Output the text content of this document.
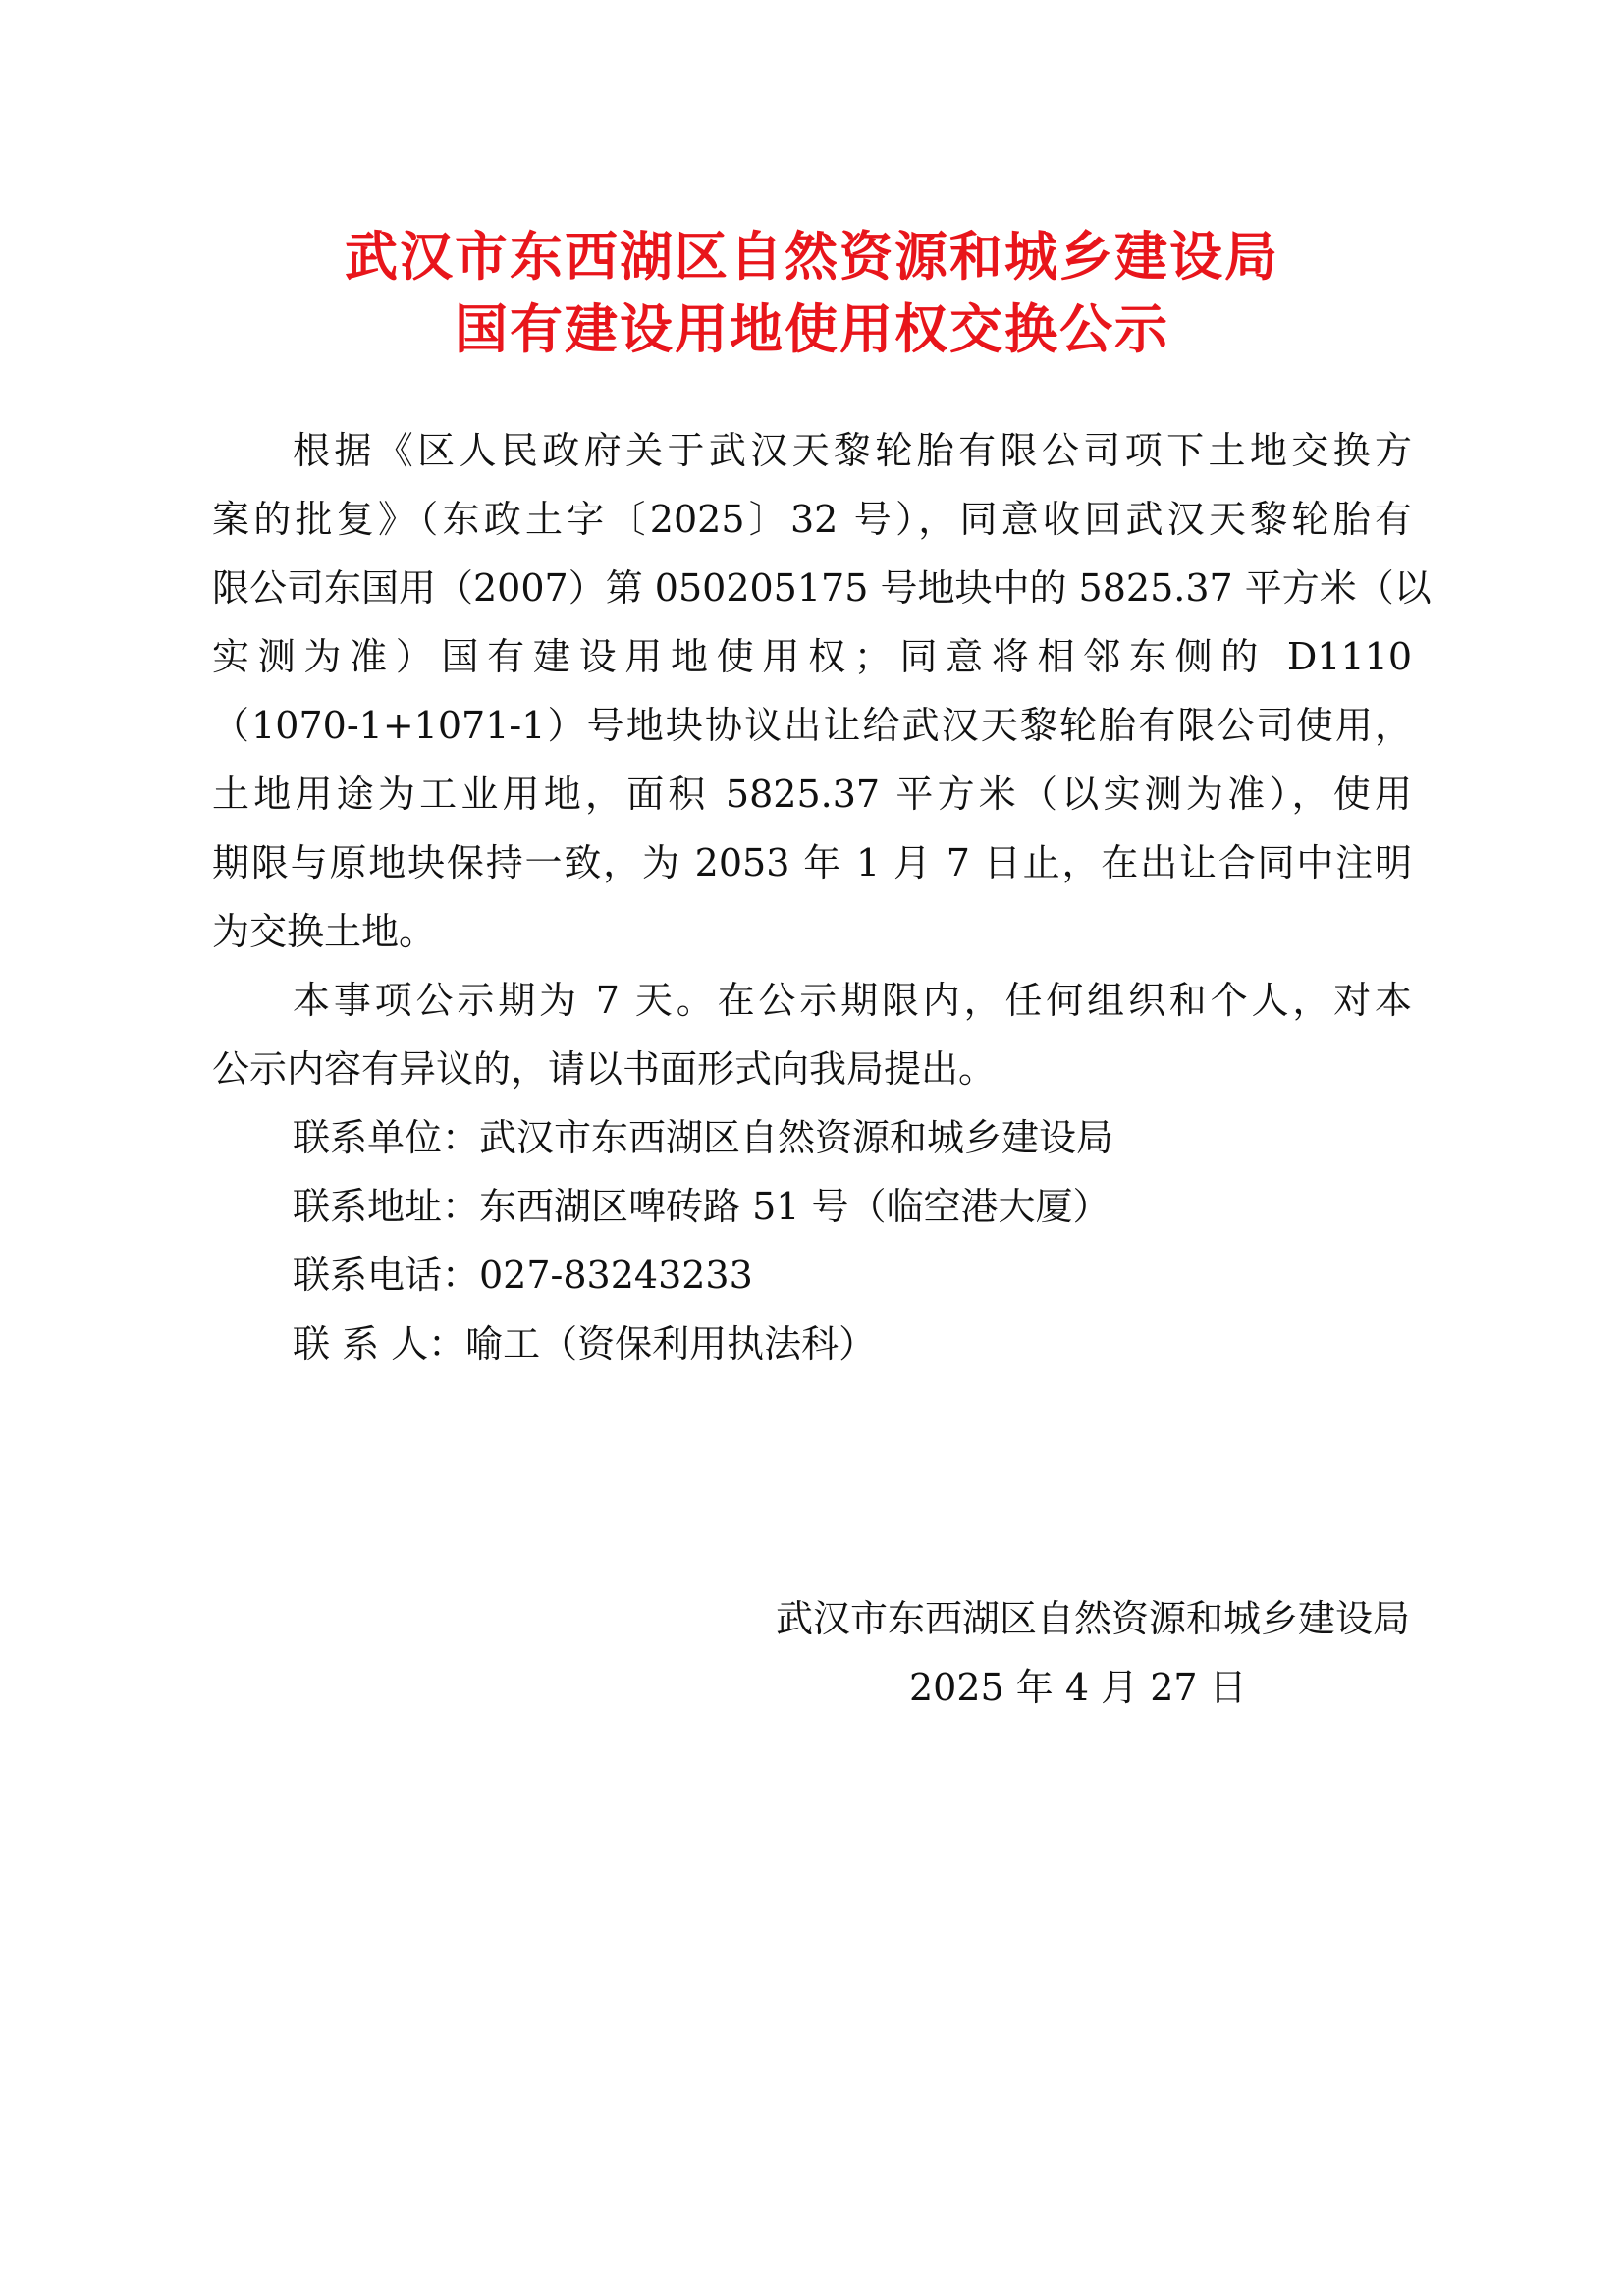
武汉市东西湖区自然资源和城乡建设局
国有建设用地使用权交换公示
根据《区人民政府关于武汉天黎轮胎有限公司项下土地交换方
案的批复》（东政土字〔2025〕32 号），同意收回武汉天黎轮胎有
限公司东国用（2007）第 050205175 号地块中的 5825.37 平方米（以
实测为准）国有建设用地使用权；同意将相邻东侧的 D1110
（1070-1+1071-1）号地块协议出让给武汉天黎轮胎有限公司使用，
土地用途为工业用地，面积 5825.37 平方米（以实测为准），使用
期限与原地块保持一致，为 2053 年 1 月 7 日止，在出让合同中注明
为交换土地。
本事项公示期为 7 天。在公示期限内，任何组织和个人，对本
公示内容有异议的，请以书面形式向我局提出。
联系单位：武汉市东西湖区自然资源和城乡建设局
联系地址：东西湖区啤砖路 51 号（临空港大厦）
联系电话：027-83243233
联 系 人：喻工（资保利用执法科）
武汉市东西湖区自然资源和城乡建设局
2025 年 4 月 27 日
